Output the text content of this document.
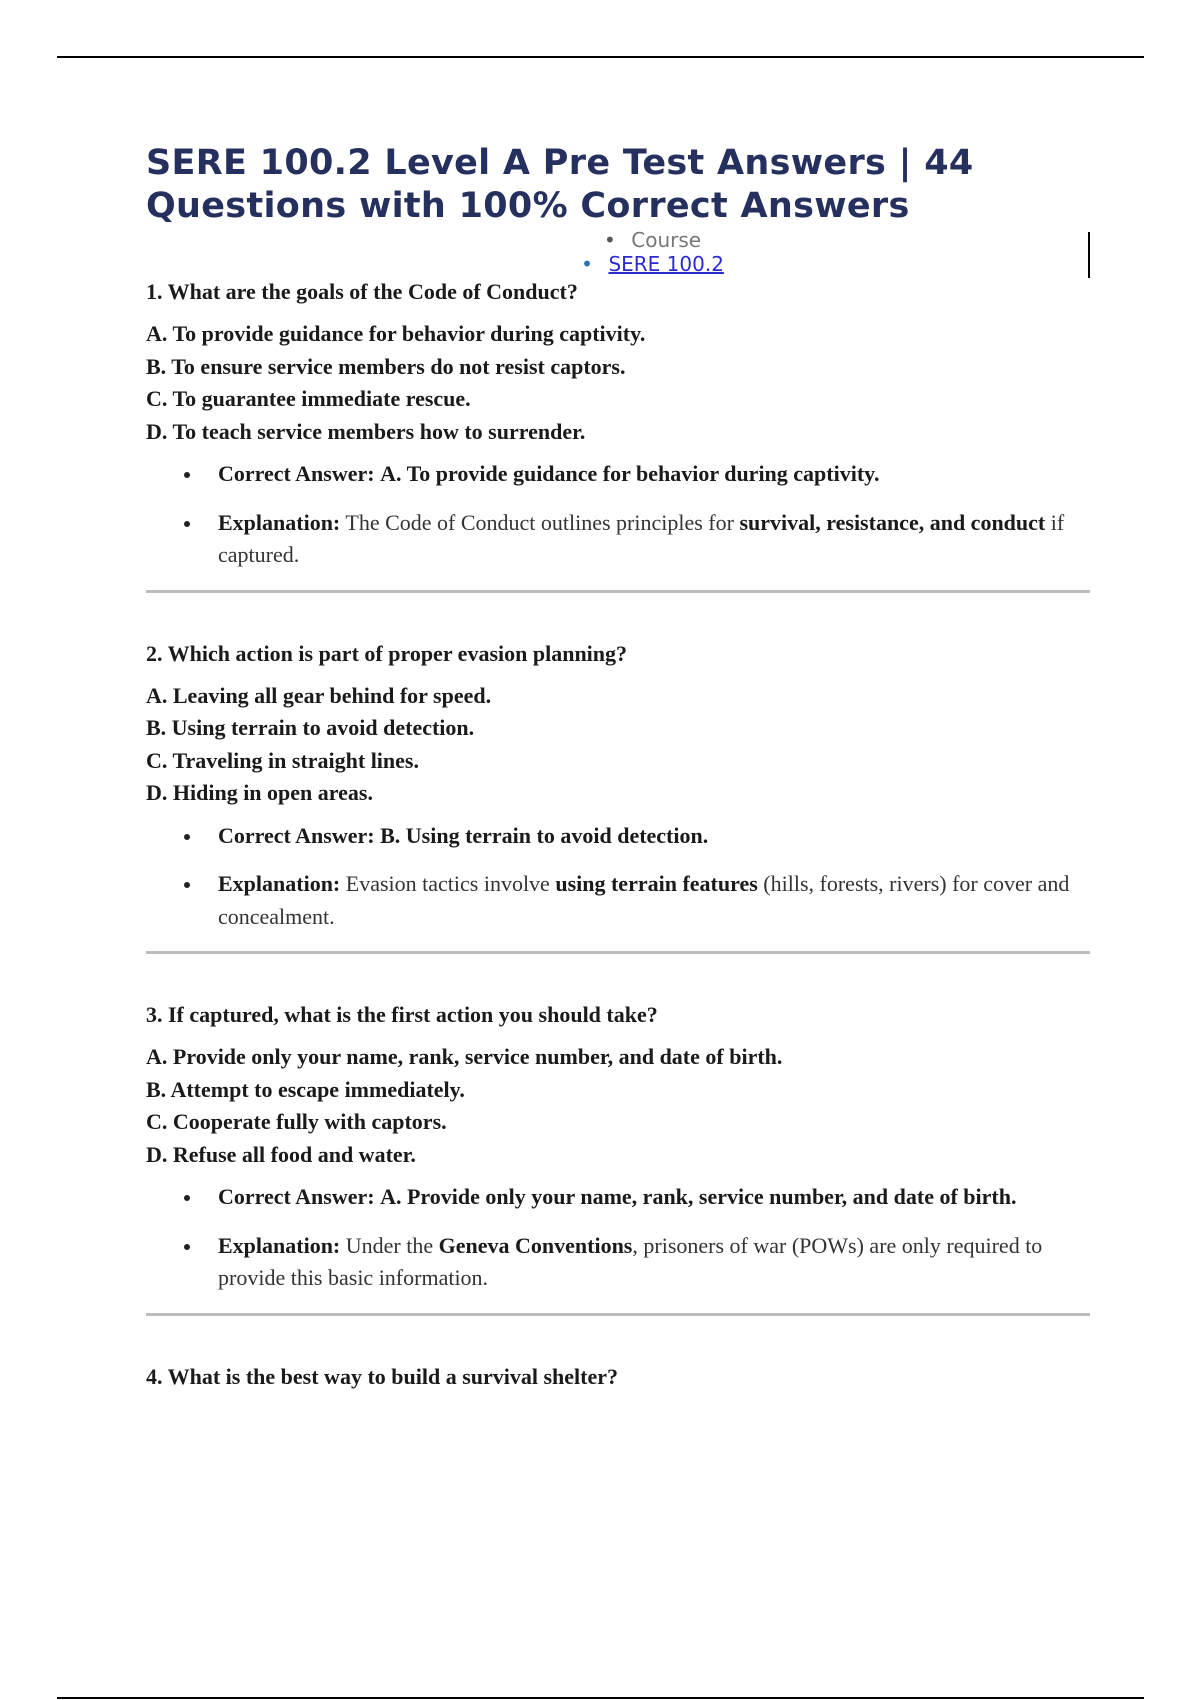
SERE 100.2 Level A Pre Test Answers | 44 Questions with 100% Correct Answers
• Course
• SERE 100.2

1. What are the goals of the Code of Conduct?

A. To provide guidance for behavior during captivity.
B. To ensure service members do not resist captors.
C. To guarantee immediate rescue.
D. To teach service members how to surrender.
Correct Answer: A. To provide guidance for behavior during captivity.
Explanation: The Code of Conduct outlines principles for survival, resistance, and conduct if captured.

2. Which action is part of proper evasion planning?

A. Leaving all gear behind for speed.
B. Using terrain to avoid detection.
C. Traveling in straight lines.
D. Hiding in open areas.
Correct Answer: B. Using terrain to avoid detection.
Explanation: Evasion tactics involve using terrain features (hills, forests, rivers) for cover and concealment.

3. If captured, what is the first action you should take?

A. Provide only your name, rank, service number, and date of birth.
B. Attempt to escape immediately.
C. Cooperate fully with captors.
D. Refuse all food and water.
Correct Answer: A. Provide only your name, rank, service number, and date of birth.
Explanation: Under the Geneva Conventions, prisoners of war (POWs) are only required to provide this basic information.

4. What is the best way to build a survival shelter?
